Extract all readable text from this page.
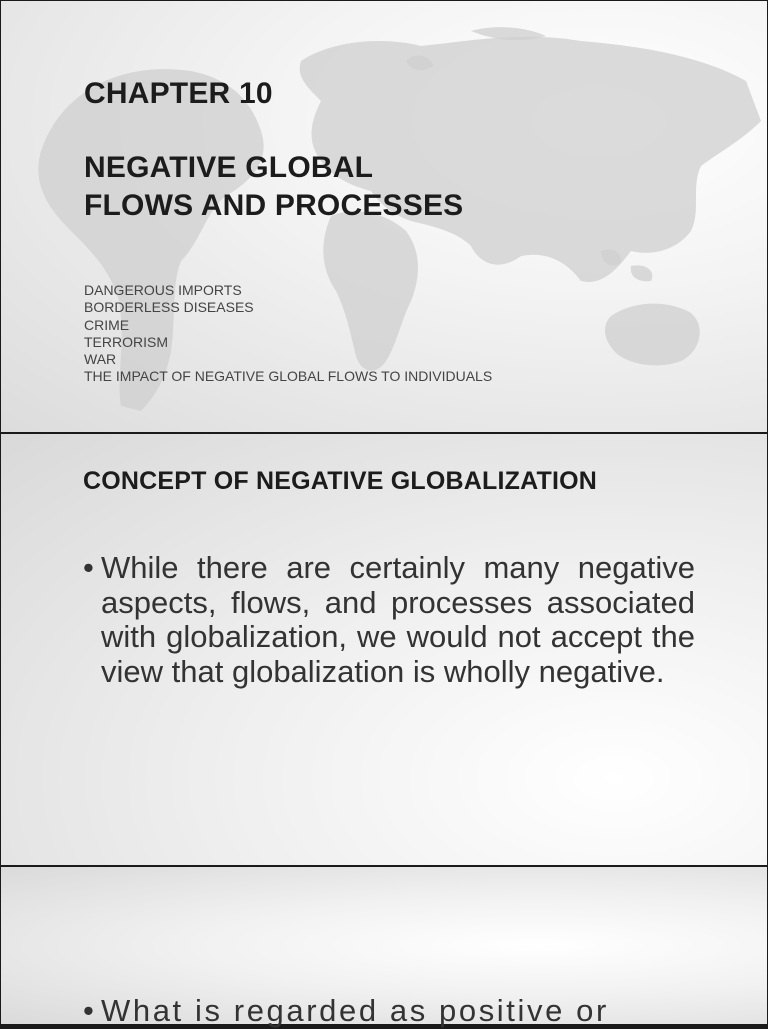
CHAPTER 10
NEGATIVE GLOBAL
FLOWS AND PROCESSES
DANGEROUS IMPORTS
BORDERLESS DISEASES
CRIME
TERRORISM
WAR
THE IMPACT OF NEGATIVE GLOBAL FLOWS TO INDIVIDUALS
CONCEPT OF NEGATIVE GLOBALIZATION

• While there are certainly many negative aspects, flows, and processes associated with globalization, we would not accept the view that globalization is wholly negative.

• What is regarded as positive or
